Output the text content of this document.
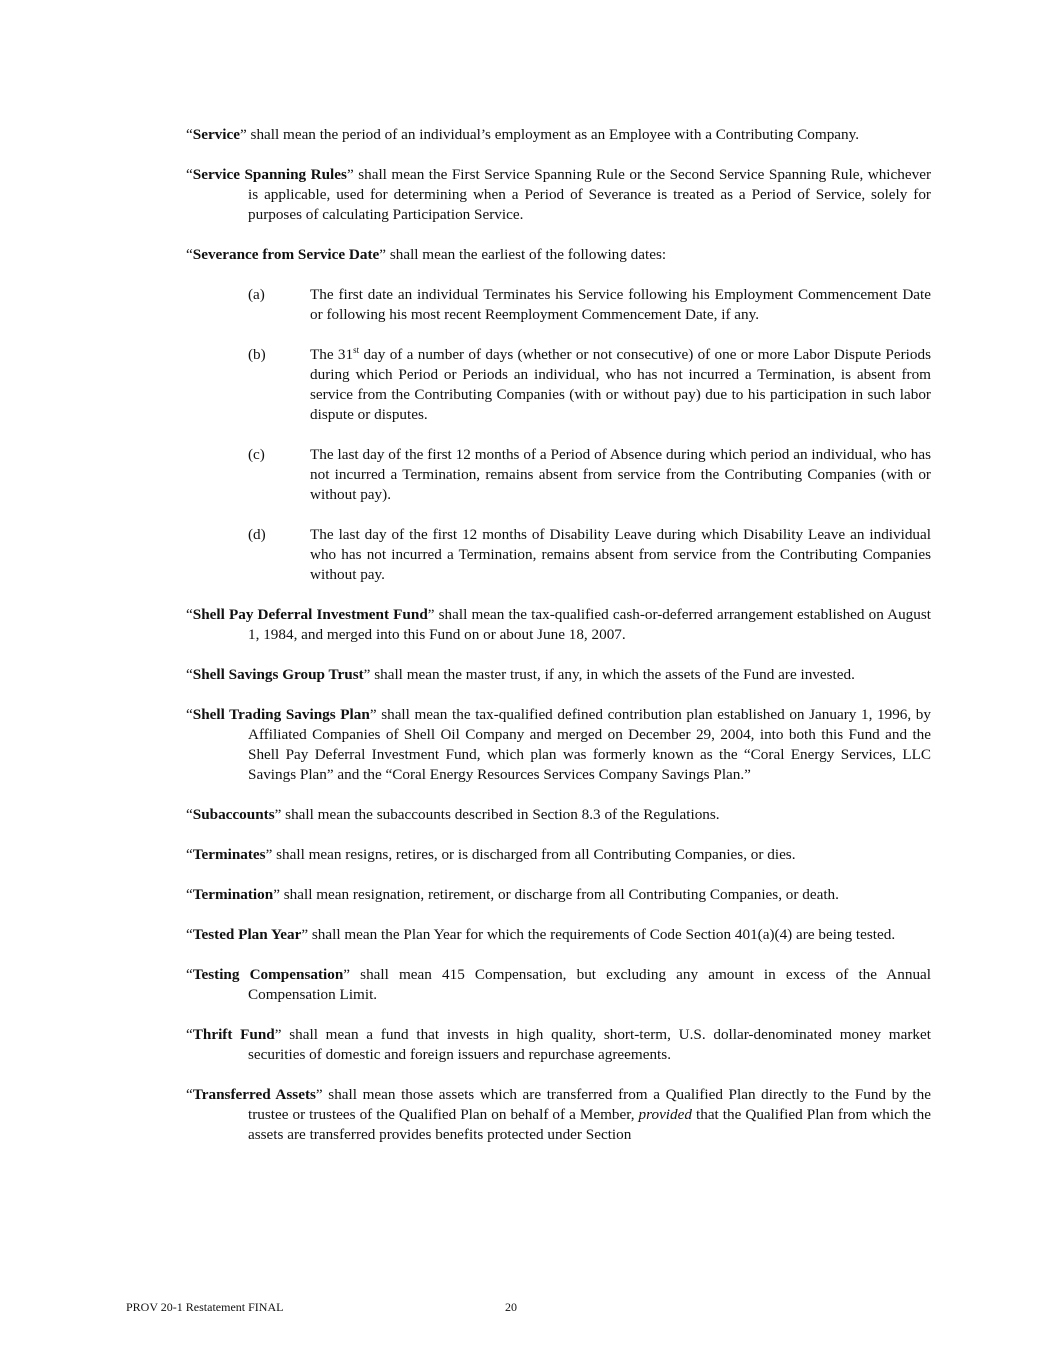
“Service” shall mean the period of an individual’s employment as an Employee with a Contributing Company.

“Service Spanning Rules” shall mean the First Service Spanning Rule or the Second Service Spanning Rule, whichever is applicable, used for determining when a Period of Severance is treated as a Period of Service, solely for purposes of calculating Participation Service.

“Severance from Service Date” shall mean the earliest of the following dates:

(a)	The first date an individual Terminates his Service following his Employment Commencement Date or following his most recent Reemployment Commencement Date, if any.
(b)	The 31st day of a number of days (whether or not consecutive) of one or more Labor Dispute Periods during which Period or Periods an individual, who has not incurred a Termination, is absent from service from the Contributing Companies (with or without pay) due to his participation in such labor dispute or disputes.
(c)	The last day of the first 12 months of a Period of Absence during which period an individual, who has not incurred a Termination, remains absent from service from the Contributing Companies (with or without pay).
(d)	The last day of the first 12 months of Disability Leave during which Disability Leave an individual who has not incurred a Termination, remains absent from service from the Contributing Companies without pay.

“Shell Pay Deferral Investment Fund” shall mean the tax-qualified cash-or-deferred arrangement established on August 1, 1984, and merged into this Fund on or about June 18, 2007.

“Shell Savings Group Trust” shall mean the master trust, if any, in which the assets of the Fund are invested.

“Shell Trading Savings Plan” shall mean the tax-qualified defined contribution plan established on January 1, 1996, by Affiliated Companies of Shell Oil Company and merged on December 29, 2004, into both this Fund and the Shell Pay Deferral Investment Fund, which plan was formerly known as the “Coral Energy Services, LLC Savings Plan” and the “Coral Energy Resources Services Company Savings Plan.”

“Subaccounts” shall mean the subaccounts described in Section 8.3 of the Regulations.

“Terminates” shall mean resigns, retires, or is discharged from all Contributing Companies, or dies.

“Termination” shall mean resignation, retirement, or discharge from all Contributing Companies, or death.

“Tested Plan Year” shall mean the Plan Year for which the requirements of Code Section 401(a)(4) are being tested.

“Testing Compensation” shall mean 415 Compensation, but excluding any amount in excess of the Annual Compensation Limit.

“Thrift Fund” shall mean a fund that invests in high quality, short-term, U.S. dollar-denominated money market securities of domestic and foreign issuers and repurchase agreements.

“Transferred Assets” shall mean those assets which are transferred from a Qualified Plan directly to the Fund by the trustee or trustees of the Qualified Plan on behalf of a Member, provided that the Qualified Plan from which the assets are transferred provides benefits protected under Section

PROV 20-1 Restatement FINAL	20
